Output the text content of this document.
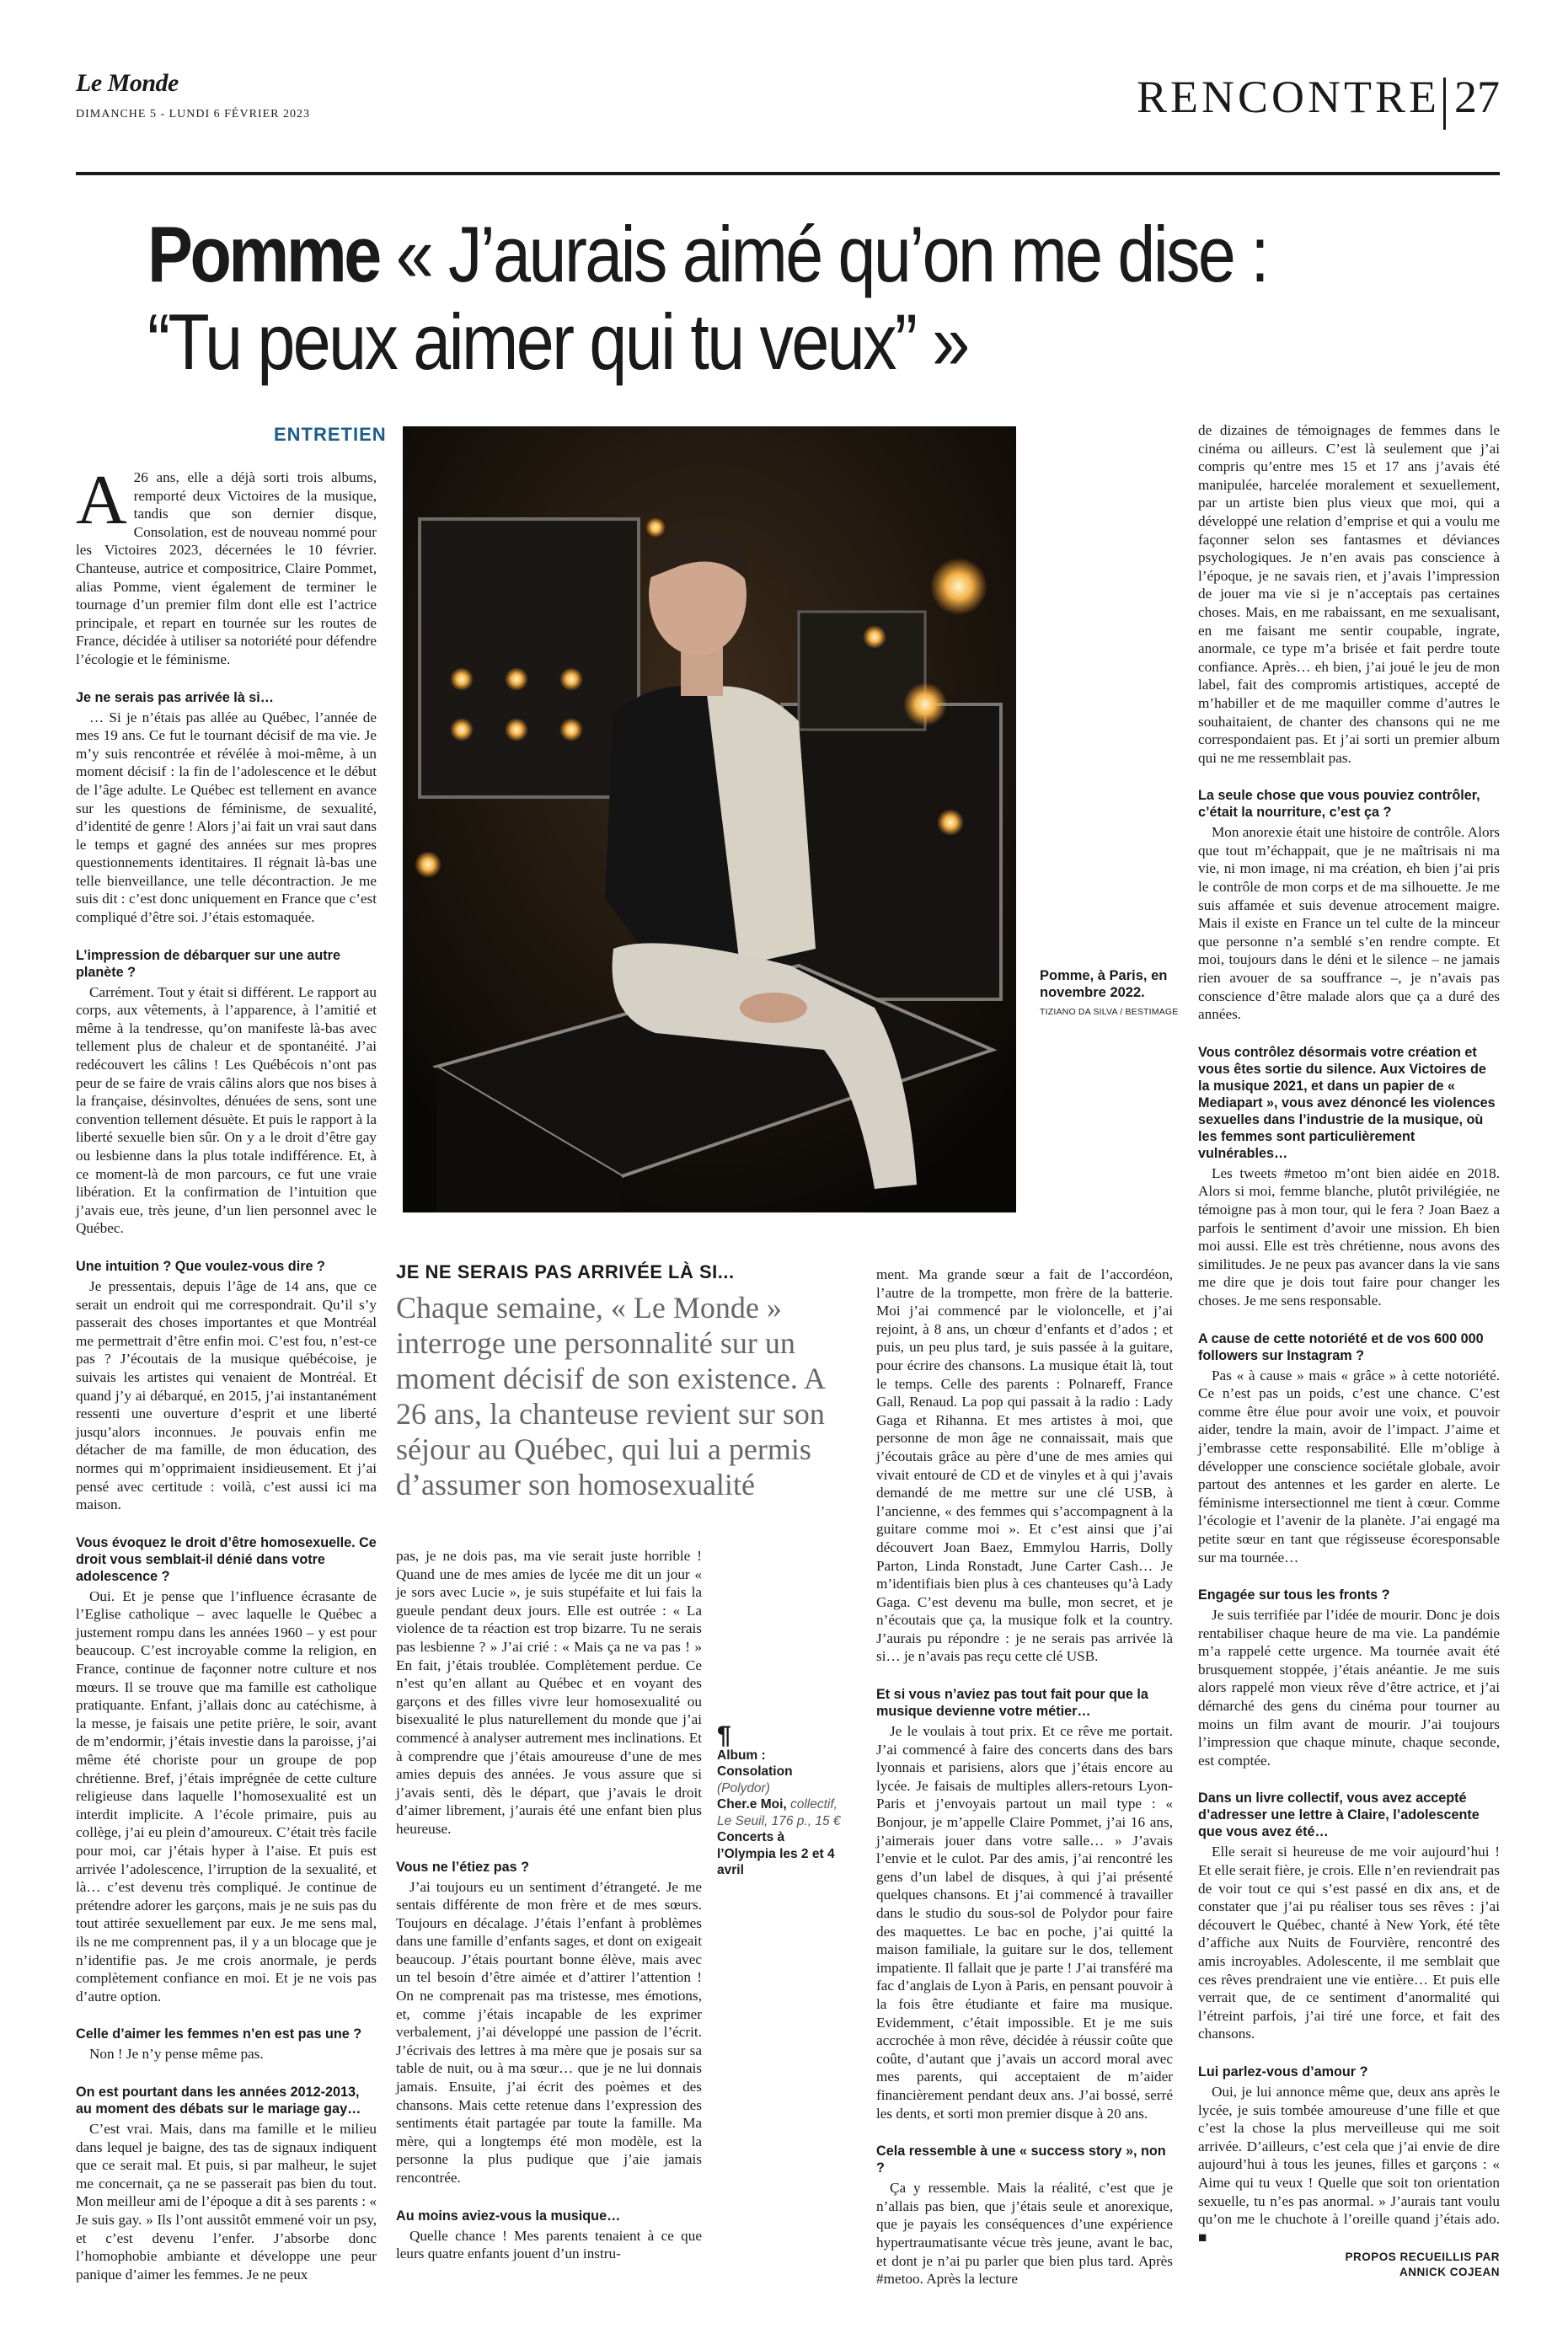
Le Monde
DIMANCHE 5 - LUNDI 6 FÉVRIER 2023	RENCONTRE 27
Pomme « J’aurais aimé qu’on me dise :
“Tu peux aimer qui tu veux” »
ENTRETIEN
Pomme, à Paris, en novembre 2022.
TIZIANO DA SILVA / BESTIMAGE

A 26 ans, elle a déjà sorti trois albums, remporté deux Victoires de la musique, tandis que son dernier disque, Consolation, est de nouveau nommé pour les Victoires 2023, décernées le 10 février. Chanteuse, autrice et compositrice, Claire Pommet, alias Pomme, vient également de terminer le tournage d’un premier film dont elle est l’actrice principale, et repart en tournée sur les routes de France, décidée à utiliser sa notoriété pour défendre l’écologie et le féminisme.

Je ne serais pas arrivée là si…

… Si je n’étais pas allée au Québec, l’année de mes 19 ans. Ce fut le tournant décisif de ma vie. Je m’y suis rencontrée et révélée à moi-même, à un moment décisif : la fin de l’adolescence et le début de l’âge adulte. Le Québec est tellement en avance sur les questions de féminisme, de sexualité, d’identité de genre ! Alors j’ai fait un vrai saut dans le temps et gagné des années sur mes propres questionnements identitaires. Il régnait là-bas une telle bienveillance, une telle décontraction. Je me suis dit : c’est donc uniquement en France que c’est compliqué d’être soi. J’étais estomaquée.

L’impression de débarquer sur une autre planète ?

Carrément. Tout y était si différent. Le rapport au corps, aux vêtements, à l’apparence, à l’amitié et même à la tendresse, qu’on manifeste là-bas avec tellement plus de chaleur et de spontanéité. J’ai redécouvert les câlins ! Les Québécois n’ont pas peur de se faire de vrais câlins alors que nos bises à la française, désinvoltes, dénuées de sens, sont une convention tellement désuète. Et puis le rapport à la liberté sexuelle bien sûr. On y a le droit d’être gay ou lesbienne dans la plus totale indifférence. Et, à ce moment-là de mon parcours, ce fut une vraie libération. Et la confirmation de l’intuition que j’avais eue, très jeune, d’un lien personnel avec le Québec.

Une intuition ? Que voulez-vous dire ?

Je pressentais, depuis l’âge de 14 ans, que ce serait un endroit qui me correspondrait. Qu’il s’y passerait des choses importantes et que Montréal me permettrait d’être enfin moi. C’est fou, n’est-ce pas ? J’écoutais de la musique québécoise, je suivais les artistes qui venaient de Montréal. Et quand j’y ai débarqué, en 2015, j’ai instantanément ressenti une ouverture d’esprit et une liberté jusqu’alors inconnues. Je pouvais enfin me détacher de ma famille, de mon éducation, des normes qui m’opprimaient insidieusement. Et j’ai pensé avec certitude : voilà, c’est aussi ici ma maison.

Vous évoquez le droit d’être homosexuelle. Ce droit vous semblait-il dénié dans votre adolescence ?

Oui. Et je pense que l’influence écrasante de l’Eglise catholique – avec laquelle le Québec a justement rompu dans les années 1960 – y est pour beaucoup. C’est incroyable comme la religion, en France, continue de façonner notre culture et nos mœurs. Il se trouve que ma famille est catholique pratiquante. Enfant, j’allais donc au catéchisme, à la messe, je faisais une petite prière, le soir, avant de m’endormir, j’étais investie dans la paroisse, j’ai même été choriste pour un groupe de pop chrétienne. Bref, j’étais imprégnée de cette culture religieuse dans laquelle l’homosexualité est un interdit implicite. A l’école primaire, puis au collège, j’ai eu plein d’amoureux. C’était très facile pour moi, car j’étais hyper à l’aise. Et puis est arrivée l’adolescence, l’irruption de la sexualité, et là… c’est devenu très compliqué. Je continue de prétendre adorer les garçons, mais je ne suis pas du tout attirée sexuellement par eux. Je me sens mal, ils ne me comprennent pas, il y a un blocage que je n’identifie pas. Je me crois anormale, je perds complètement confiance en moi. Et je ne vois pas d’autre option.

Celle d’aimer les femmes n’en est pas une ?

Non ! Je n’y pense même pas.

On est pourtant dans les années 2012-2013, au moment des débats sur le mariage gay…

C’est vrai. Mais, dans ma famille et le milieu dans lequel je baigne, des tas de signaux indiquent que ce serait mal. Et puis, si par malheur, le sujet me concernait, ça ne se passerait pas bien du tout. Mon meilleur ami de l’époque a dit à ses parents : « Je suis gay. » Ils l’ont aussitôt emmené voir un psy, et c’est devenu l’enfer. J’absorbe donc l’homophobie ambiante et développe une peur panique d’aimer les femmes. Je ne peux

JE NE SERAIS PAS ARRIVÉE LÀ SI... Chaque semaine, « Le Monde » interroge une personnalité sur un moment décisif de son existence. A 26 ans, la chanteuse revient sur son séjour au Québec, qui lui a permis d’assumer son homosexualité

pas, je ne dois pas, ma vie serait juste horrible ! Quand une de mes amies de lycée me dit un jour « je sors avec Lucie », je suis stupéfaite et lui fais la gueule pendant deux jours. Elle est outrée : « La violence de ta réaction est trop bizarre. Tu ne serais pas lesbienne ? » J’ai crié : « Mais ça ne va pas ! » En fait, j’étais troublée. Complètement perdue. Ce n’est qu’en allant au Québec et en voyant des garçons et des filles vivre leur homosexualité ou bisexualité le plus naturellement du monde que j’ai commencé à analyser autrement mes inclinations. Et à comprendre que j’étais amoureuse d’une de mes amies depuis des années. Je vous assure que si j’avais senti, dès le départ, que j’avais le droit d’aimer librement, j’aurais été une enfant bien plus heureuse.

Vous ne l’étiez pas ?

J’ai toujours eu un sentiment d’étrangeté. Je me sentais différente de mon frère et de mes sœurs. Toujours en décalage. J’étais l’enfant à problèmes dans une famille d’enfants sages, et dont on exigeait beaucoup. J’étais pourtant bonne élève, mais avec un tel besoin d’être aimée et d’attirer l’attention ! On ne comprenait pas ma tristesse, mes émotions, et, comme j’étais incapable de les exprimer verbalement, j’ai développé une passion de l’écrit. J’écrivais des lettres à ma mère que je posais sur sa table de nuit, ou à ma sœur… que je ne lui donnais jamais. Ensuite, j’ai écrit des poèmes et des chansons. Mais cette retenue dans l’expression des sentiments était partagée par toute la famille. Ma mère, qui a longtemps été mon modèle, est la personne la plus pudique que j’aie jamais rencontrée.

Au moins aviez-vous la musique…

Quelle chance ! Mes parents tenaient à ce que leurs quatre enfants jouent d’un instru-

¶
Album : Consolation
(Polydor)
Cher.e Moi, collectif, Le Seuil, 176 p., 15 €
Concerts à l’Olympia les 2 et 4 avril

ment. Ma grande sœur a fait de l’accordéon, l’autre de la trompette, mon frère de la batterie. Moi j’ai commencé par le violoncelle, et j’ai rejoint, à 8 ans, un chœur d’enfants et d’ados ; et puis, un peu plus tard, je suis passée à la guitare, pour écrire des chansons. La musique était là, tout le temps. Celle des parents : Polnareff, France Gall, Renaud. La pop qui passait à la radio : Lady Gaga et Rihanna. Et mes artistes à moi, que personne de mon âge ne connaissait, mais que j’écoutais grâce au père d’une de mes amies qui vivait entouré de CD et de vinyles et à qui j’avais demandé de me mettre sur une clé USB, à l’ancienne, « des femmes qui s’accompagnent à la guitare comme moi ». Et c’est ainsi que j’ai découvert Joan Baez, Emmylou Harris, Dolly Parton, Linda Ronstadt, June Carter Cash… Je m’identifiais bien plus à ces chanteuses qu’à Lady Gaga. C’est devenu ma bulle, mon secret, et je n’écoutais que ça, la musique folk et la country. J’aurais pu répondre : je ne serais pas arrivée là si… je n’avais pas reçu cette clé USB.

Et si vous n’aviez pas tout fait pour que la musique devienne votre métier…

Je le voulais à tout prix. Et ce rêve me portait. J’ai commencé à faire des concerts dans des bars lyonnais et parisiens, alors que j’étais encore au lycée. Je faisais de multiples allers-retours Lyon-Paris et j’envoyais partout un mail type : « Bonjour, je m’appelle Claire Pommet, j’ai 16 ans, j’aimerais jouer dans votre salle… » J’avais l’envie et le culot. Par des amis, j’ai rencontré les gens d’un label de disques, à qui j’ai présenté quelques chansons. Et j’ai commencé à travailler dans le studio du sous-sol de Polydor pour faire des maquettes. Le bac en poche, j’ai quitté la maison familiale, la guitare sur le dos, tellement impatiente. Il fallait que je parte ! J’ai transféré ma fac d’anglais de Lyon à Paris, en pensant pouvoir à la fois être étudiante et faire ma musique. Evidemment, c’était impossible. Et je me suis accrochée à mon rêve, décidée à réussir coûte que coûte, d’autant que j’avais un accord moral avec mes parents, qui acceptaient de m’aider financièrement pendant deux ans. J’ai bossé, serré les dents, et sorti mon premier disque à 20 ans.

Cela ressemble à une « success story », non ?

Ça y ressemble. Mais la réalité, c’est que je n’allais pas bien, que j’étais seule et anorexique, que je payais les conséquences d’une expérience hypertraumatisante vécue très jeune, avant le bac, et dont je n’ai pu parler que bien plus tard. Après #metoo. Après la lecture

de dizaines de témoignages de femmes dans le cinéma ou ailleurs. C’est là seulement que j’ai compris qu’entre mes 15 et 17 ans j’avais été manipulée, harcelée moralement et sexuellement, par un artiste bien plus vieux que moi, qui a développé une relation d’emprise et qui a voulu me façonner selon ses fantasmes et déviances psychologiques. Je n’en avais pas conscience à l’époque, je ne savais rien, et j’avais l’impression de jouer ma vie si je n’acceptais pas certaines choses. Mais, en me rabaissant, en me sexualisant, en me faisant me sentir coupable, ingrate, anormale, ce type m’a brisée et fait perdre toute confiance. Après… eh bien, j’ai joué le jeu de mon label, fait des compromis artistiques, accepté de m’habiller et de me maquiller comme d’autres le souhaitaient, de chanter des chansons qui ne me correspondaient pas. Et j’ai sorti un premier album qui ne me ressemblait pas.

La seule chose que vous pouviez contrôler, c’était la nourriture, c’est ça ?

Mon anorexie était une histoire de contrôle. Alors que tout m’échappait, que je ne maîtrisais ni ma vie, ni mon image, ni ma création, eh bien j’ai pris le contrôle de mon corps et de ma silhouette. Je me suis affamée et suis devenue atrocement maigre. Mais il existe en France un tel culte de la minceur que personne n’a semblé s’en rendre compte. Et moi, toujours dans le déni et le silence – ne jamais rien avouer de sa souffrance –, je n’avais pas conscience d’être malade alors que ça a duré des années.

Vous contrôlez désormais votre création et vous êtes sortie du silence. Aux Victoires de la musique 2021, et dans un papier de « Mediapart », vous avez dénoncé les violences sexuelles dans l’industrie de la musique, où les femmes sont particulièrement vulnérables…

Les tweets #metoo m’ont bien aidée en 2018. Alors si moi, femme blanche, plutôt privilégiée, ne témoigne pas à mon tour, qui le fera ? Joan Baez a parfois le sentiment d’avoir une mission. Eh bien moi aussi. Elle est très chrétienne, nous avons des similitudes. Je ne peux pas avancer dans la vie sans me dire que je dois tout faire pour changer les choses. Je me sens responsable.

A cause de cette notoriété et de vos 600 000 followers sur Instagram ?

Pas « à cause » mais « grâce » à cette notoriété. Ce n’est pas un poids, c’est une chance. C’est comme être élue pour avoir une voix, et pouvoir aider, tendre la main, avoir de l’impact. J’aime et j’embrasse cette responsabilité. Elle m’oblige à développer une conscience sociétale globale, avoir partout des antennes et les garder en alerte. Le féminisme intersectionnel me tient à cœur. Comme l’écologie et l’avenir de la planète. J’ai engagé ma petite sœur en tant que régisseuse écoresponsable sur ma tournée…

Engagée sur tous les fronts ?

Je suis terrifiée par l’idée de mourir. Donc je dois rentabiliser chaque heure de ma vie. La pandémie m’a rappelé cette urgence. Ma tournée avait été brusquement stoppée, j’étais anéantie. Je me suis alors rappelé mon vieux rêve d’être actrice, et j’ai démarché des gens du cinéma pour tourner au moins un film avant de mourir. J’ai toujours l’impression que chaque minute, chaque seconde, est comptée.

Dans un livre collectif, vous avez accepté d’adresser une lettre à Claire, l’adolescente que vous avez été…

Elle serait si heureuse de me voir aujourd’hui ! Et elle serait fière, je crois. Elle n’en reviendrait pas de voir tout ce qui s’est passé en dix ans, et de constater que j’ai pu réaliser tous ses rêves : j’ai découvert le Québec, chanté à New York, été tête d’affiche aux Nuits de Fourvière, rencontré des amis incroyables. Adolescente, il me semblait que ces rêves prendraient une vie entière… Et puis elle verrait que, de ce sentiment d’anormalité qui l’étreint parfois, j’ai tiré une force, et fait des chansons.

Lui parlez-vous d’amour ?

Oui, je lui annonce même que, deux ans après le lycée, je suis tombée amoureuse d’une fille et que c’est la chose la plus merveilleuse qui me soit arrivée. D’ailleurs, c’est cela que j’ai envie de dire aujourd’hui à tous les jeunes, filles et garçons : « Aime qui tu veux ! Quelle que soit ton orientation sexuelle, tu n’es pas anormal. » J’aurais tant voulu qu’on me le chuchote à l’oreille quand j’étais ado. ■

PROPOS RECUEILLIS PAR
ANNICK COJEAN
